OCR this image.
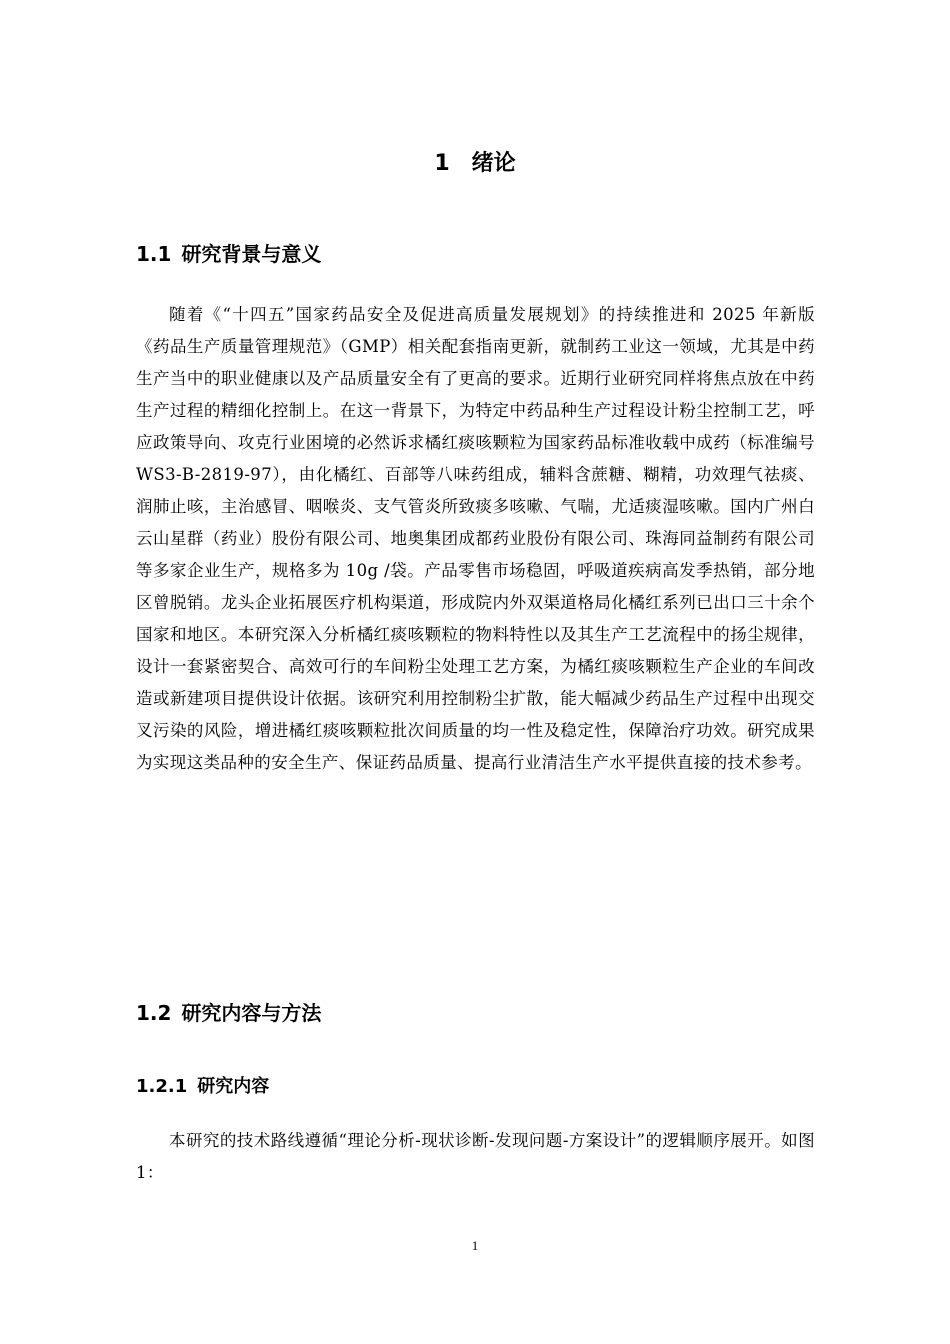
1 绪论
1.1 研究背景与意义

随着《“十四五”国家药品安全及促进高质量发展规划》的持续推进和 2025 年新版《药品生产质量管理规范》（GMP）相关配套指南更新，就制药工业这一领域，尤其是中药生产当中的职业健康以及产品质量安全有了更高的要求。近期行业研究同样将焦点放在中药生产过程的精细化控制上。在这一背景下，为特定中药品种生产过程设计粉尘控制工艺，呼应政策导向、攻克行业困境的必然诉求橘红痰咳颗粒为国家药品标准收载中成药（标准编号 WS3-B-2819-97），由化橘红、百部等八味药组成，辅料含蔗糖、糊精，功效理气祛痰、润肺止咳，主治感冒、咽喉炎、支气管炎所致痰多咳嗽、气喘，尤适痰湿咳嗽。国内广州白云山星群（药业）股份有限公司、地奥集团成都药业股份有限公司、珠海同益制药有限公司等多家企业生产，规格多为 10g /袋。产品零售市场稳固，呼吸道疾病高发季热销，部分地区曾脱销。龙头企业拓展医疗机构渠道，形成院内外双渠道格局化橘红系列已出口三十余个国家和地区。本研究深入分析橘红痰咳颗粒的物料特性以及其生产工艺流程中的扬尘规律，设计一套紧密契合、高效可行的车间粉尘处理工艺方案，为橘红痰咳颗粒生产企业的车间改造或新建项目提供设计依据。该研究利用控制粉尘扩散，能大幅减少药品生产过程中出现交叉污染的风险，增进橘红痰咳颗粒批次间质量的均一性及稳定性，保障治疗功效。研究成果为实现这类品种的安全生产、保证药品质量、提高行业清洁生产水平提供直接的技术参考。

1.2 研究内容与方法
1.2.1 研究内容

本研究的技术路线遵循“理论分析-现状诊断-发现问题-方案设计”的逻辑顺序展开。如图 1：

1
